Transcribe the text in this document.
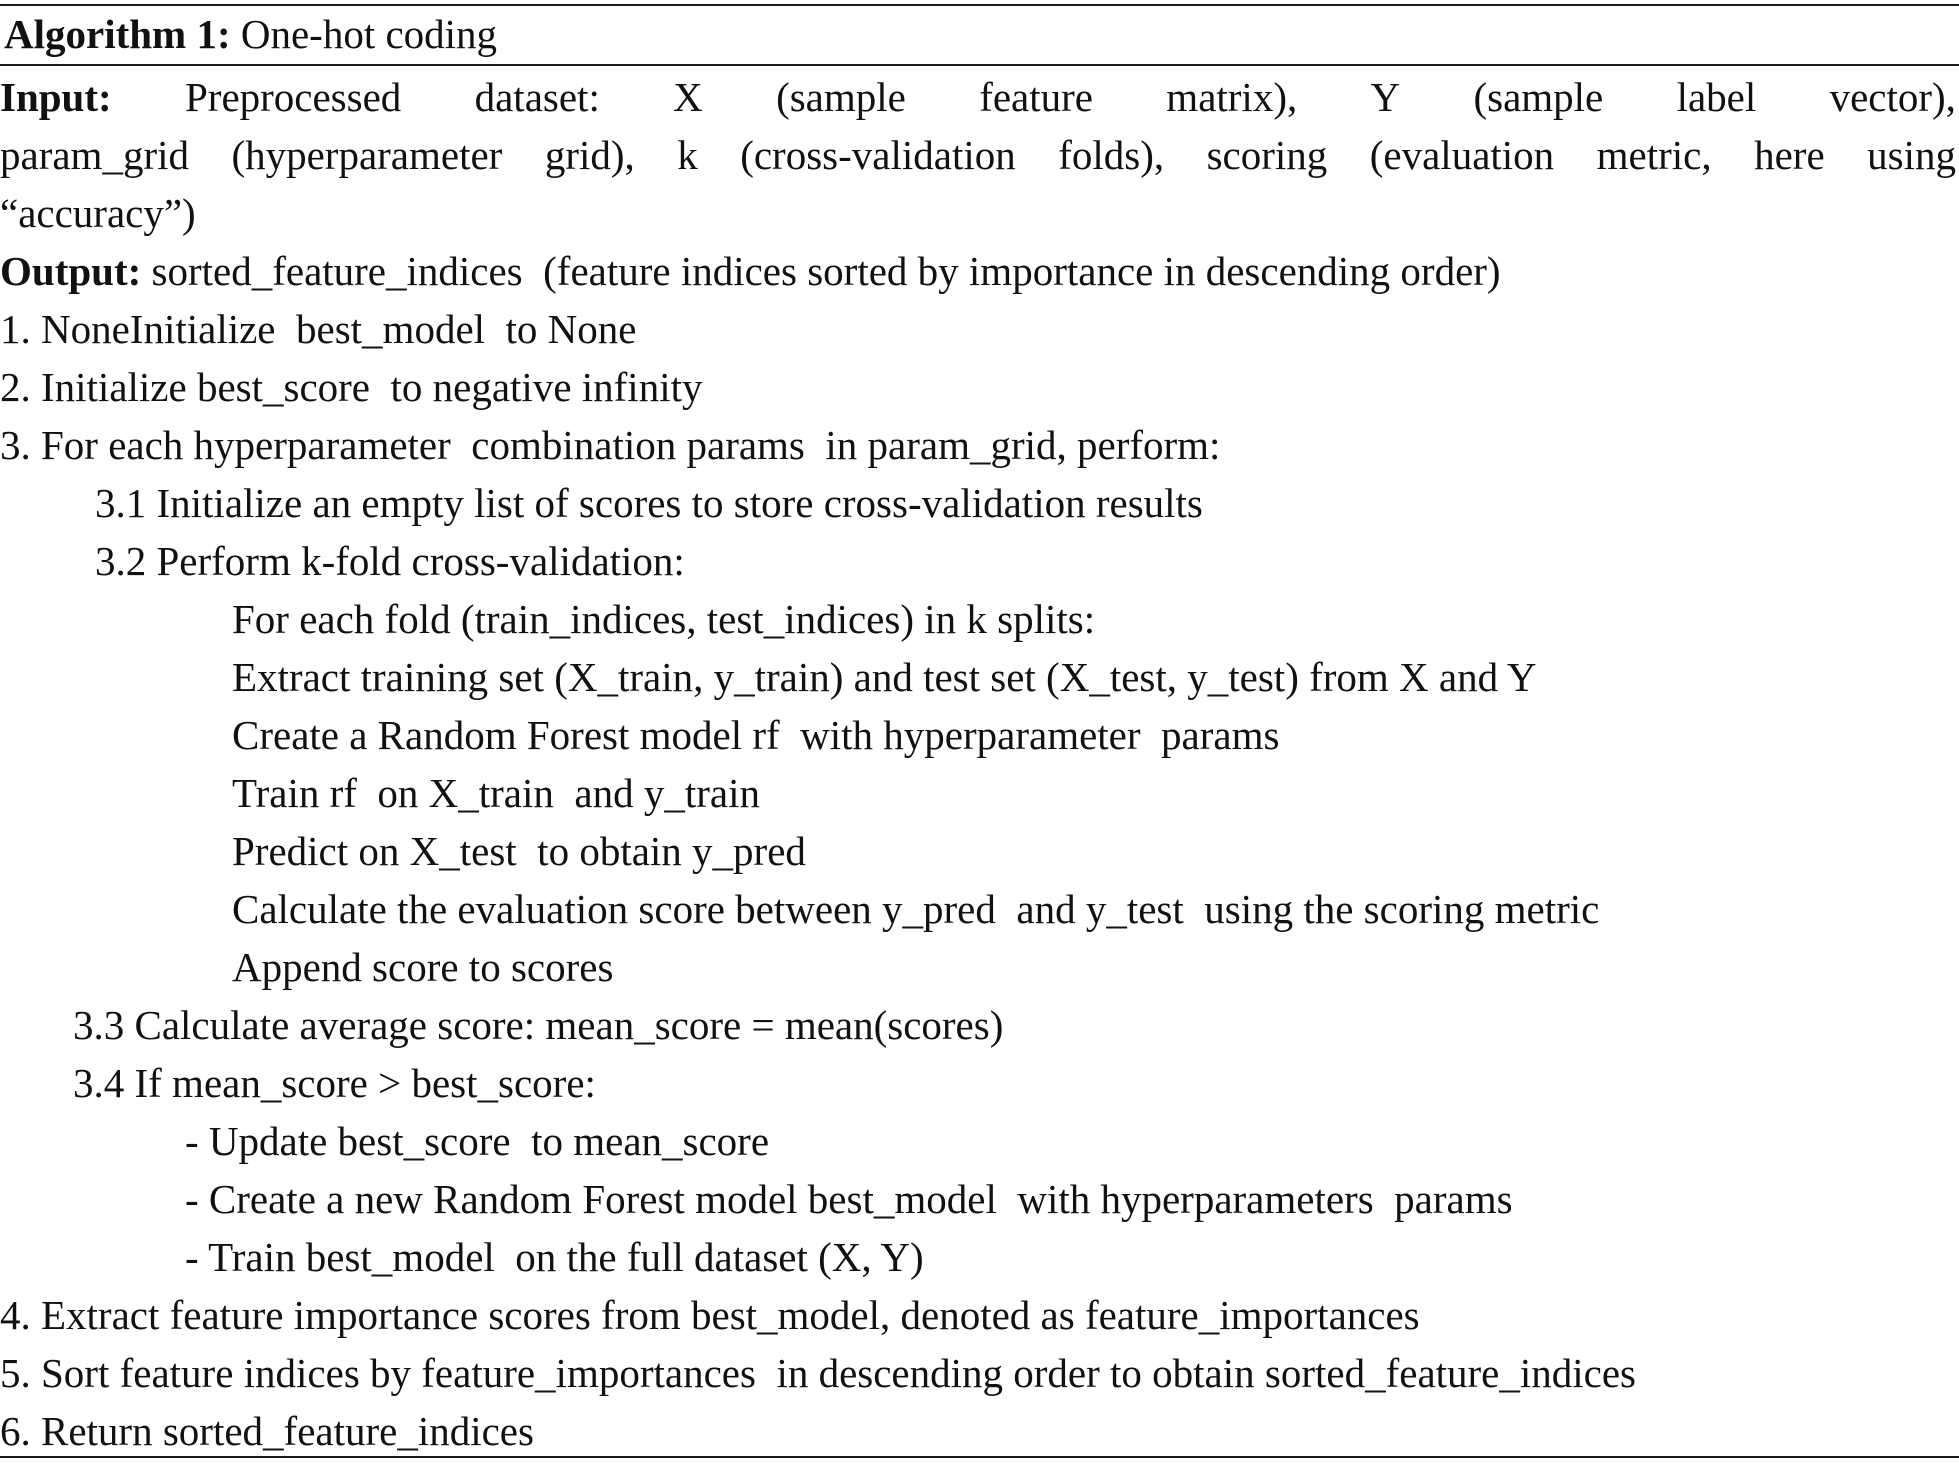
Algorithm 1: One-hot coding
Input: Preprocessed dataset: X (sample feature matrix), Y (sample label vector),
param_grid (hyperparameter grid), k (cross-validation folds), scoring (evaluation metric, here using
“accuracy”)
Output: sorted_feature_indices  (feature indices sorted by importance in descending order)
1. NoneInitialize  best_model  to None
2. Initialize best_score  to negative infinity
3. For each hyperparameter  combination params  in param_grid, perform:
3.1 Initialize an empty list of scores to store cross-validation results
3.2 Perform k-fold cross-validation:
For each fold (train_indices, test_indices) in k splits:
Extract training set (X_train, y_train) and test set (X_test, y_test) from X and Y
Create a Random Forest model rf  with hyperparameter  params
Train rf  on X_train  and y_train
Predict on X_test  to obtain y_pred
Calculate the evaluation score between y_pred  and y_test  using the scoring metric
Append score to scores
3.3 Calculate average score: mean_score = mean(scores)
3.4 If mean_score > best_score:
- Update best_score  to mean_score
- Create a new Random Forest model best_model  with hyperparameters  params
- Train best_model  on the full dataset (X, Y)
4. Extract feature importance scores from best_model, denoted as feature_importances
5. Sort feature indices by feature_importances  in descending order to obtain sorted_feature_indices
6. Return sorted_feature_indices
